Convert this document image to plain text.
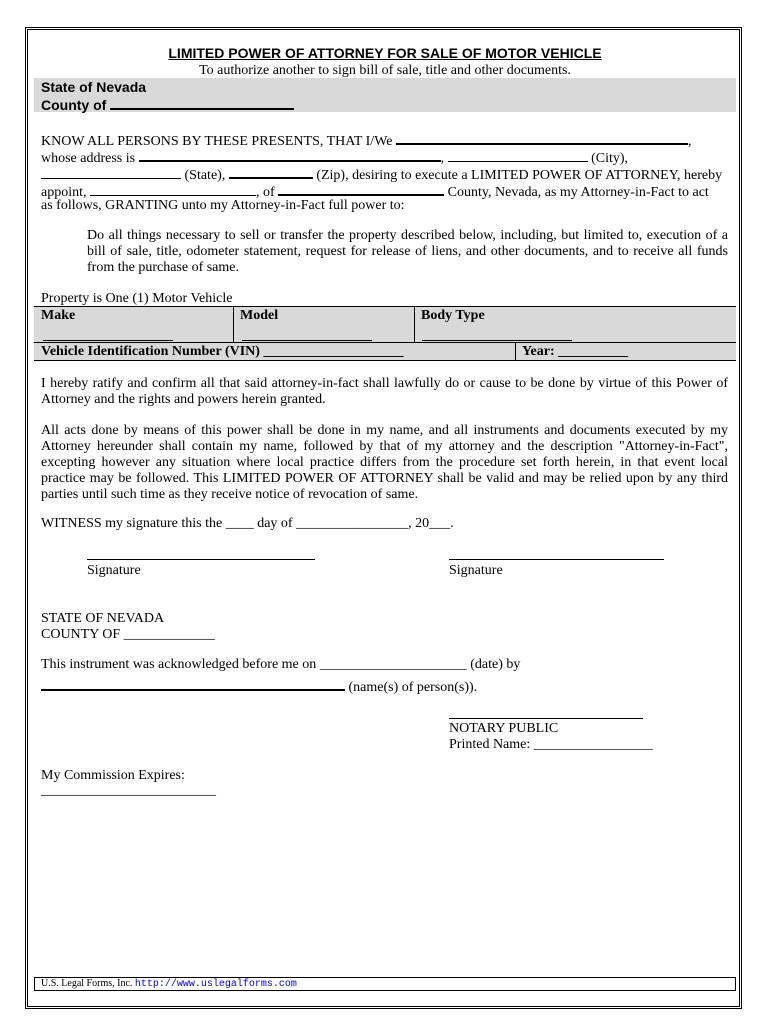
LIMITED POWER OF ATTORNEY FOR SALE OF MOTOR VEHICLE
To authorize another to sign bill of sale, title and other documents.
State of Nevada
County of
KNOW ALL PERSONS BY THESE PRESENTS, THAT I/We	,
whose address is	,	(City),
(State),	(Zip), desiring to execute a LIMITED POWER OF ATTORNEY, hereby
appoint,	, of	County, Nevada, as my Attorney-in-Fact to act
as follows, GRANTING unto my Attorney-in-Fact full power to:
Do all things necessary to sell or transfer the property described below, including, but limited to, execution of a bill of sale, title, odometer statement, request for release of liens, and other documents, and to receive all funds from the purchase of same.
Property is One (1) Motor Vehicle
Make	Model	Body Type
Vehicle Identification Number (VIN) ____________________	Year: __________
I hereby ratify and confirm all that said attorney-in-fact shall lawfully do or cause to be done by virtue of this Power of Attorney and the rights and powers herein granted.
All acts done by means of this power shall be done in my name, and all instruments and documents executed by my Attorney hereunder shall contain my name, followed by that of my attorney and the description "Attorney-in-Fact", excepting however any situation where local practice differs from the procedure set forth herein, in that event local practice may be followed. This LIMITED POWER OF ATTORNEY shall be valid and may be relied upon by any third parties until such time as they receive notice of revocation of same.
WITNESS my signature this the ____ day of ________________, 20___.
Signature	Signature
STATE OF NEVADA
COUNTY OF _____________
This instrument was acknowledged before me on _____________________ (date) by
(name(s) of person(s)).
NOTARY PUBLIC
Printed Name: _________________
My Commission Expires:
_________________________
U.S. Legal Forms, Inc. http://www.uslegalforms.com
